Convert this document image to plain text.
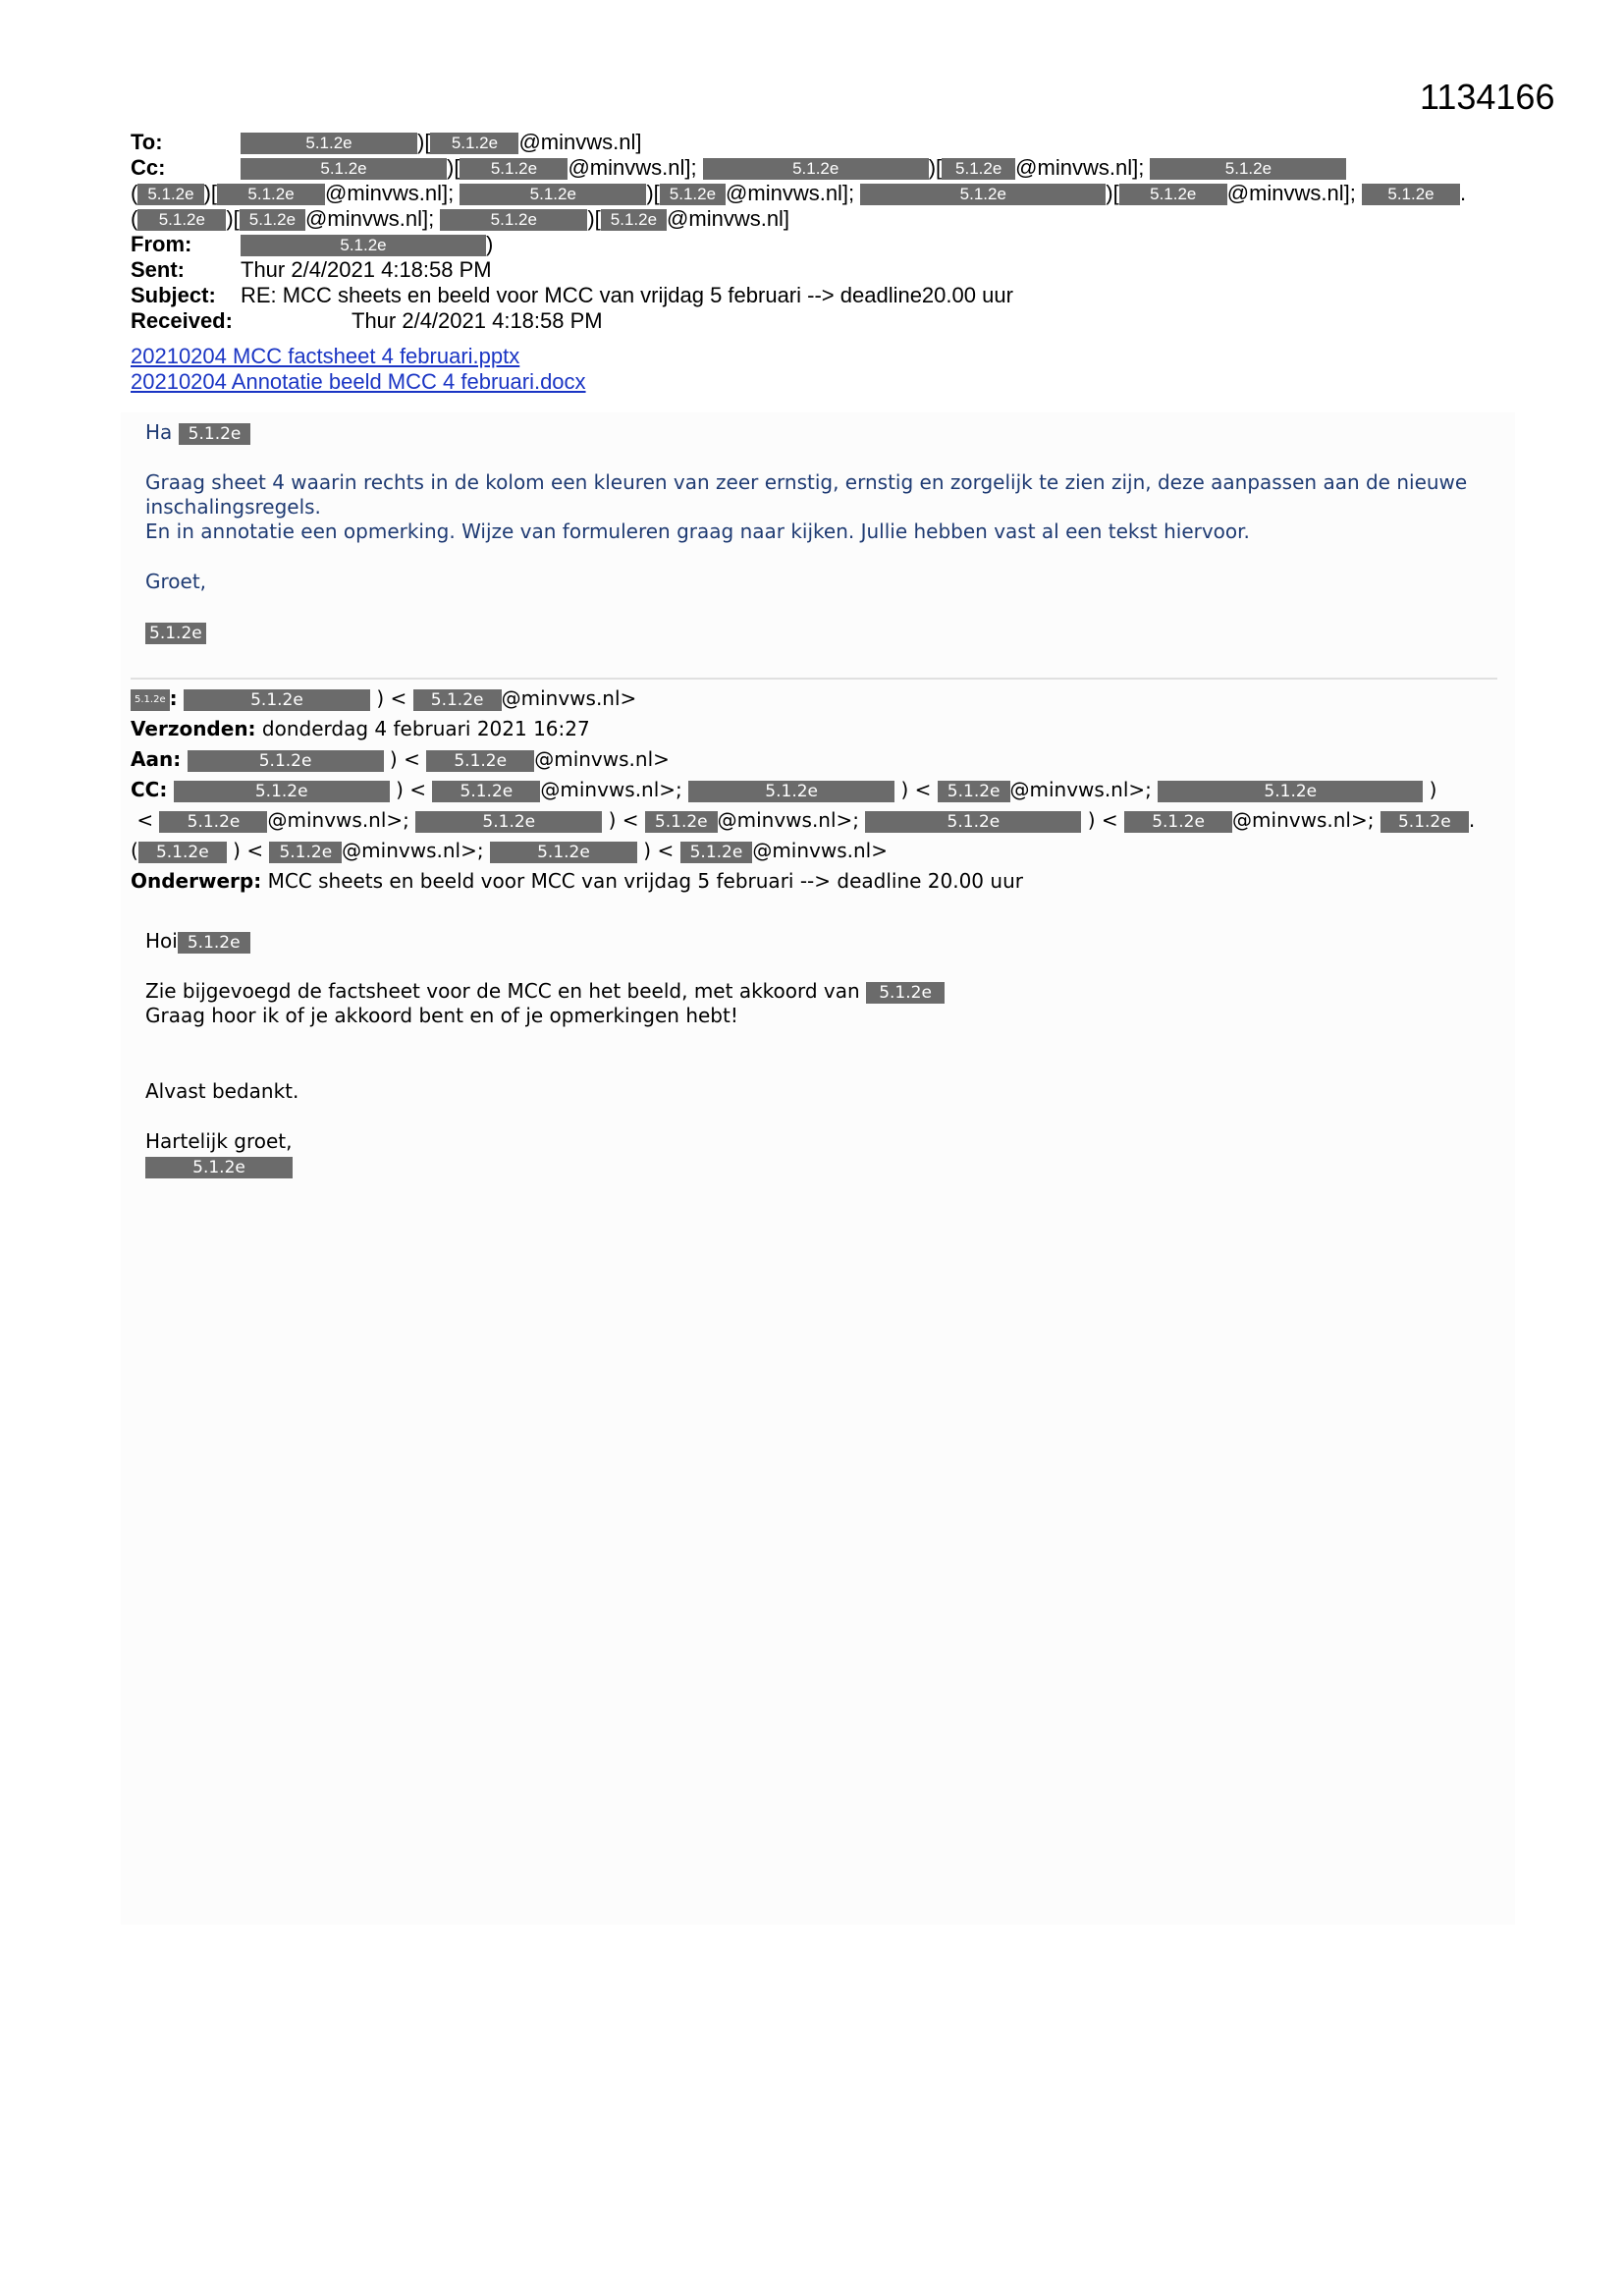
1134166
To:	5.1.2e	)[ 5.1.2e @minvws.nl]
Cc:	5.1.2e	)[ 5.1.2e @minvws.nl];	5.1.2e	)[ 5.1.2e @minvws.nl];	5.1.2e
( 5.1.2e )[ 5.1.2e @minvws.nl];	5.1.2e	)[ 5.1.2e @minvws.nl];	5.1.2e	)[ 5.1.2e @minvws.nl]; 5.1.2e .
( 5.1.2e )[ 5.1.2e @minvws.nl];	5.1.2e )[ 5.1.2e @minvws.nl]
From:	5.1.2e	)
Sent:	Thur 2/4/2021 4:18:58 PM
Subject: RE: MCC sheets en beeld voor MCC van vrijdag 5 februari --> deadline20.00 uur
Received:	Thur 2/4/2021 4:18:58 PM
20210204 MCC factsheet 4 februari.pptx
20210204 Annotatie beeld MCC 4 februari.docx

Ha 5.1.2e

Graag sheet 4 waarin rechts in de kolom een kleuren van zeer ernstig, ernstig en zorgelijk te zien zijn, deze aanpassen aan de nieuwe inschalingsregels.
En in annotatie een opmerking. Wijze van formuleren graag naar kijken. Jullie hebben vast al een tekst hiervoor.

Groet,

5.1.2e

5.1.2e :	5.1.2e	) < 5.1.2e @minvws.nl>
Verzonden: donderdag 4 februari 2021 16:27
Aan:	5.1.2e	) < 5.1.2e @minvws.nl>
CC:	5.1.2e	) < 5.1.2e @minvws.nl>;	5.1.2e	) < 5.1.2e @minvws.nl>;	5.1.2e	)
< 5.1.2e @minvws.nl>;	5.1.2e	) < 5.1.2e @minvws.nl>;	5.1.2e	) < 5.1.2e @minvws.nl>; 5.1.2e .
( 5.1.2e ) < 5.1.2e @minvws.nl>;	5.1.2e ) < 5.1.2e @minvws.nl>
Onderwerp: MCC sheets en beeld voor MCC van vrijdag 5 februari --> deadline 20.00 uur

Hoi 5.1.2e

Zie bijgevoegd de factsheet voor de MCC en het beeld, met akkoord van 5.1.2e
Graag hoor ik of je akkoord bent en of je opmerkingen hebt!

Alvast bedankt.

Hartelijk groet,
5.1.2e
